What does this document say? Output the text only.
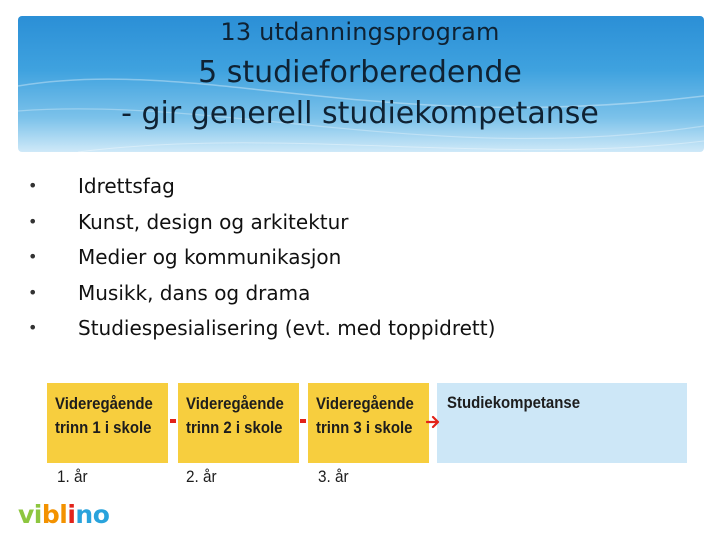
13 utdanningsprogram
5 studieforberedende
- gir generell studiekompetanse
• Idrettsfag
• Kunst, design og arkitektur
• Medier og kommunikasjon
• Musikk, dans og drama
• Studiespesialisering (evt. med toppidrett)
Videregående
trinn 1 i skole
Videregående
trinn 2 i skole
Videregående
trinn 3 i skole
Studiekompetanse
1. år	2. år	3. år
viblino
